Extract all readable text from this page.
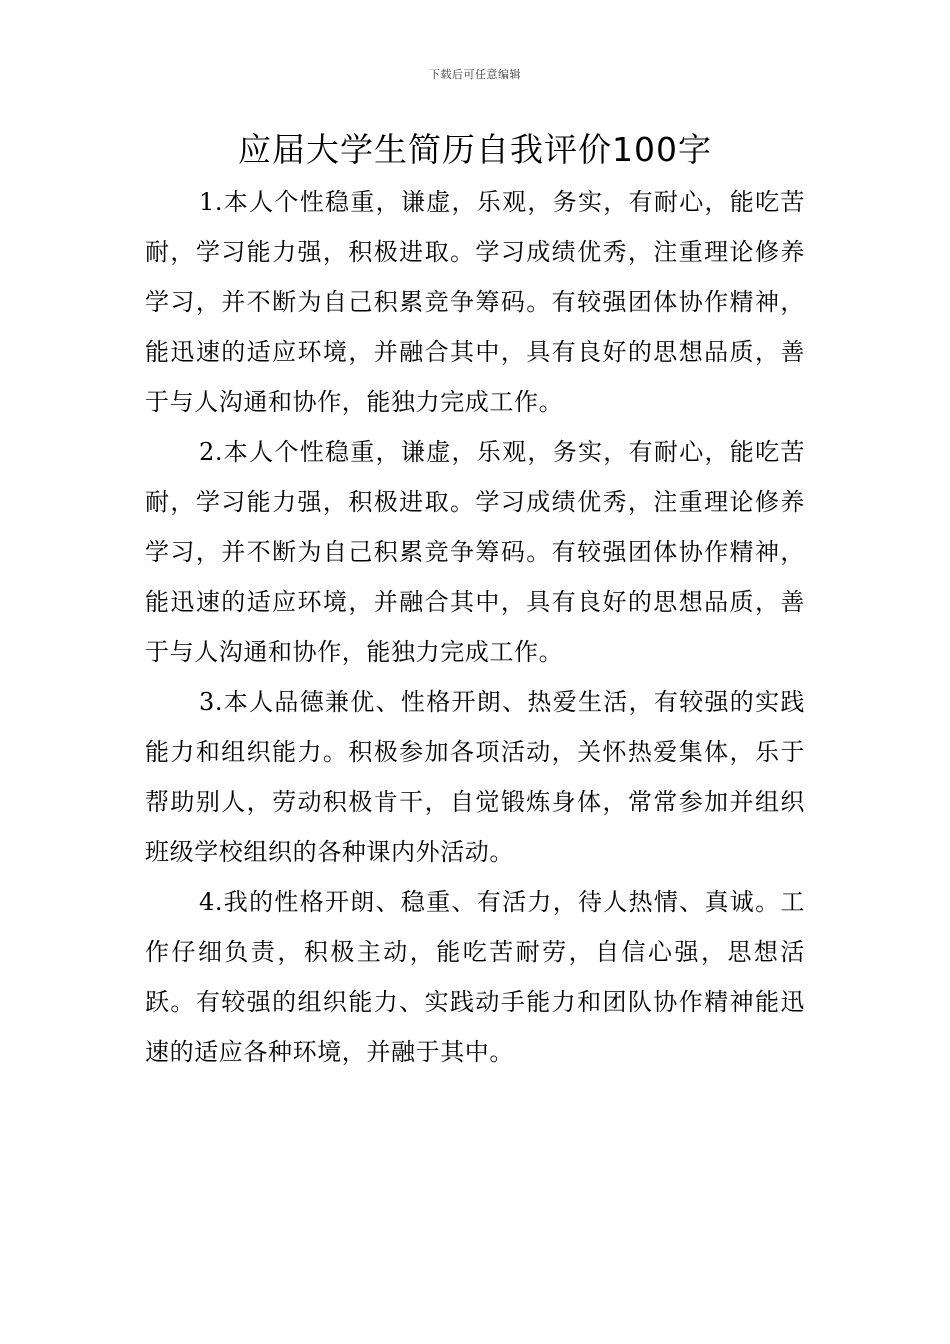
下载后可任意编辑
应届大学生简历自我评价100字

1.本人个性稳重，谦虚，乐观，务实，有耐心，能吃苦耐，学习能力强，积极进取。学习成绩优秀，注重理论修养学习，并不断为自己积累竞争筹码。有较强团体协作精神，能迅速的适应环境，并融合其中，具有良好的思想品质，善于与人沟通和协作，能独力完成工作。

2.本人个性稳重，谦虚，乐观，务实，有耐心，能吃苦耐，学习能力强，积极进取。学习成绩优秀，注重理论修养学习，并不断为自己积累竞争筹码。有较强团体协作精神，能迅速的适应环境，并融合其中，具有良好的思想品质，善于与人沟通和协作，能独力完成工作。

3.本人品德兼优、性格开朗、热爱生活，有较强的实践能力和组织能力。积极参加各项活动，关怀热爱集体，乐于帮助别人，劳动积极肯干，自觉锻炼身体，常常参加并组织班级学校组织的各种课内外活动。

4.我的性格开朗、稳重、有活力，待人热情、真诚。工作仔细负责，积极主动，能吃苦耐劳，自信心强，思想活跃。有较强的组织能力、实践动手能力和团队协作精神能迅速的适应各种环境，并融于其中。
